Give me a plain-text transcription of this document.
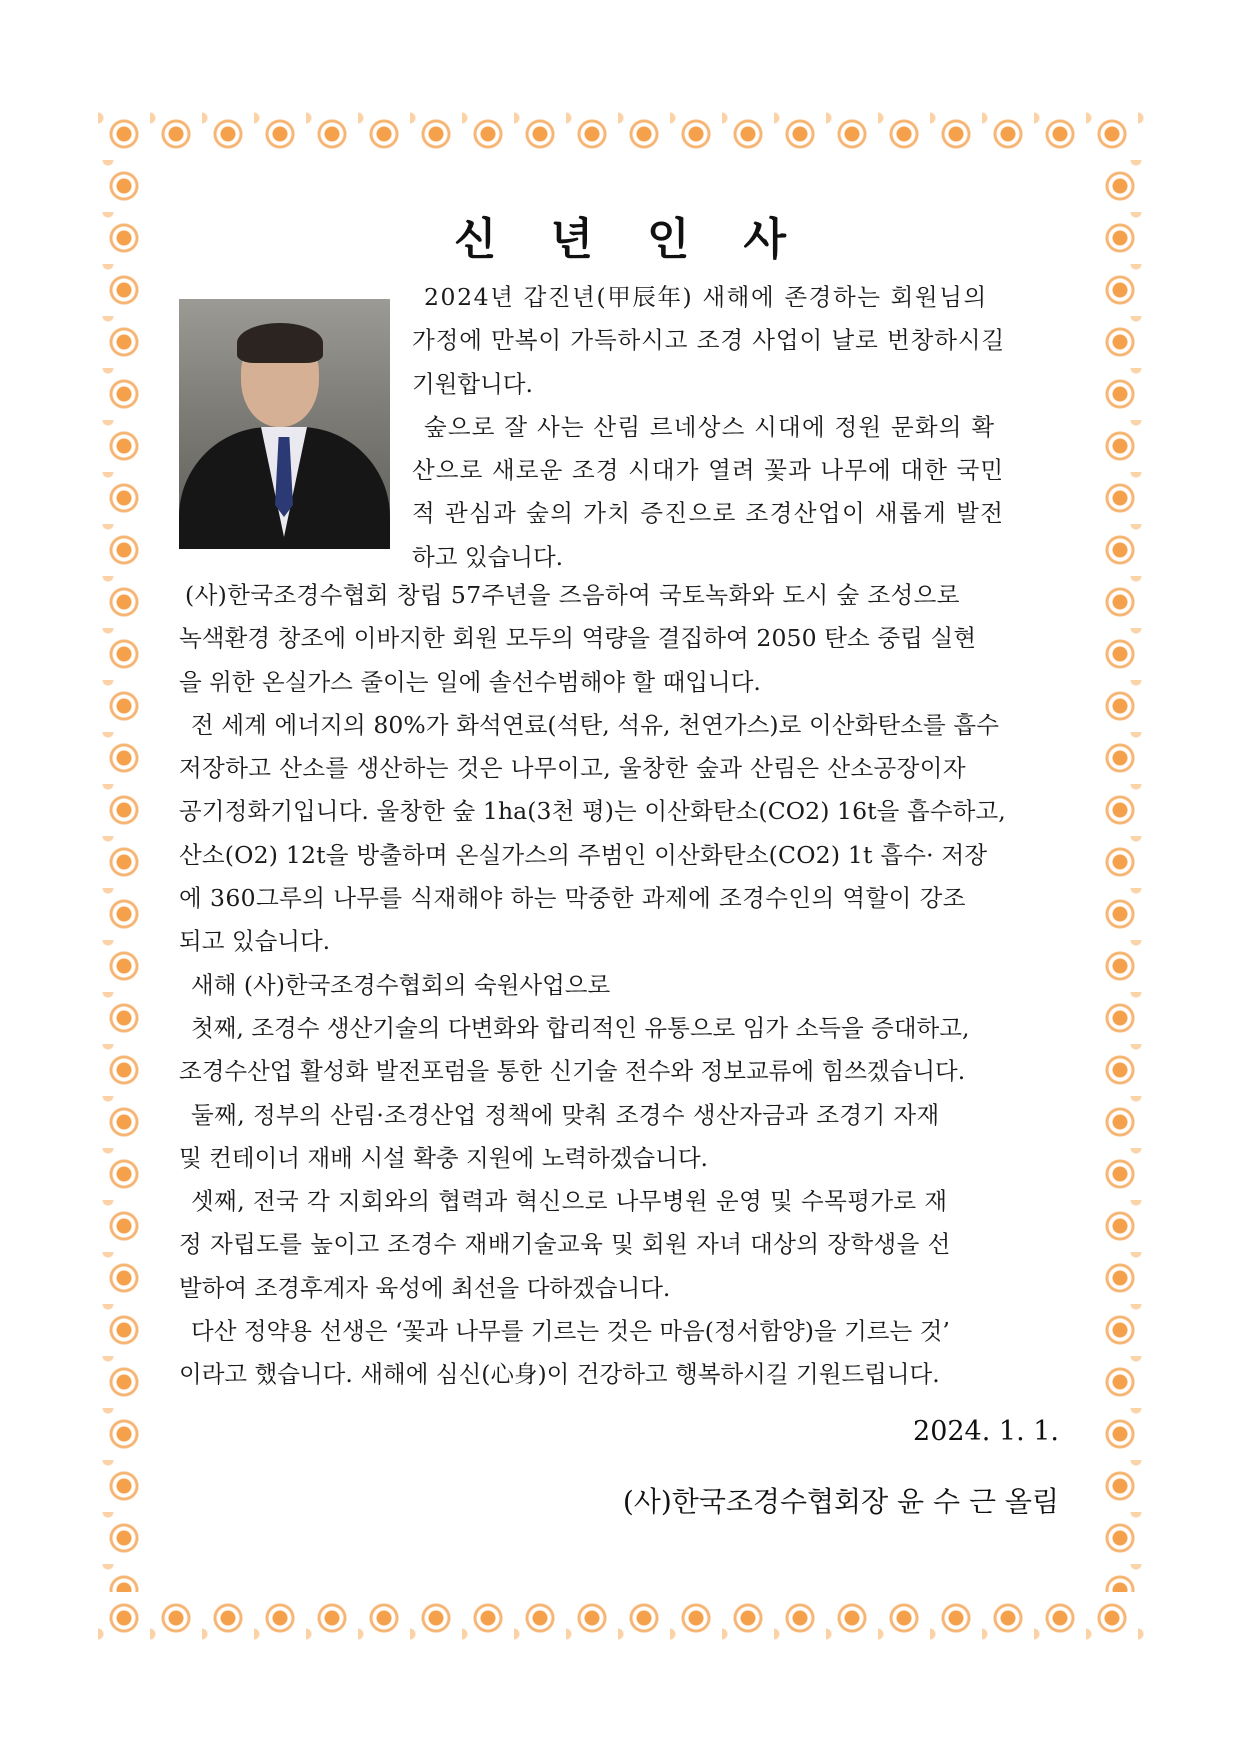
신 년 인 사
2024년 갑진년(甲辰年) 새해에 존경하는 회원님의
가정에 만복이 가득하시고 조경 사업이 날로 번창하시길
기원합니다.
숲으로 잘 사는 산림 르네상스 시대에 정원 문화의 확
산으로 새로운 조경 시대가 열려 꽃과 나무에 대한 국민
적 관심과 숲의 가치 증진으로 조경산업이 새롭게 발전
하고 있습니다.
(사)한국조경수협회 창립 57주년을 즈음하여 국토녹화와 도시 숲 조성으로
녹색환경 창조에 이바지한 회원 모두의 역량을 결집하여 2050 탄소 중립 실현
을 위한 온실가스 줄이는 일에 솔선수범해야 할 때입니다.
전 세계 에너지의 80%가 화석연료(석탄, 석유, 천연가스)로 이산화탄소를 흡수
저장하고 산소를 생산하는 것은 나무이고, 울창한 숲과 산림은 산소공장이자
공기정화기입니다. 울창한 숲 1ha(3천 평)는 이산화탄소(CO2) 16t을 흡수하고,
산소(O2) 12t을 방출하며 온실가스의 주범인 이산화탄소(CO2) 1t 흡수· 저장
에 360그루의 나무를 식재해야 하는 막중한 과제에 조경수인의 역할이 강조
되고 있습니다.
새해 (사)한국조경수협회의 숙원사업으로
첫째, 조경수 생산기술의 다변화와 합리적인 유통으로 임가 소득을 증대하고,
조경수산업 활성화 발전포럼을 통한 신기술 전수와 정보교류에 힘쓰겠습니다.
둘째, 정부의 산림·조경산업 정책에 맞춰 조경수 생산자금과 조경기 자재
및 컨테이너 재배 시설 확충 지원에 노력하겠습니다.
셋째, 전국 각 지회와의 협력과 혁신으로 나무병원 운영 및 수목평가로 재
정 자립도를 높이고 조경수 재배기술교육 및 회원 자녀 대상의 장학생을 선
발하여 조경후계자 육성에 최선을 다하겠습니다.
다산 정약용 선생은 ‘꽃과 나무를 기르는 것은 마음(정서함양)을 기르는 것’
이라고 했습니다. 새해에 심신(心身)이 건강하고 행복하시길 기원드립니다.
2024. 1. 1.
(사)한국조경수협회장 윤 수 근 올림
